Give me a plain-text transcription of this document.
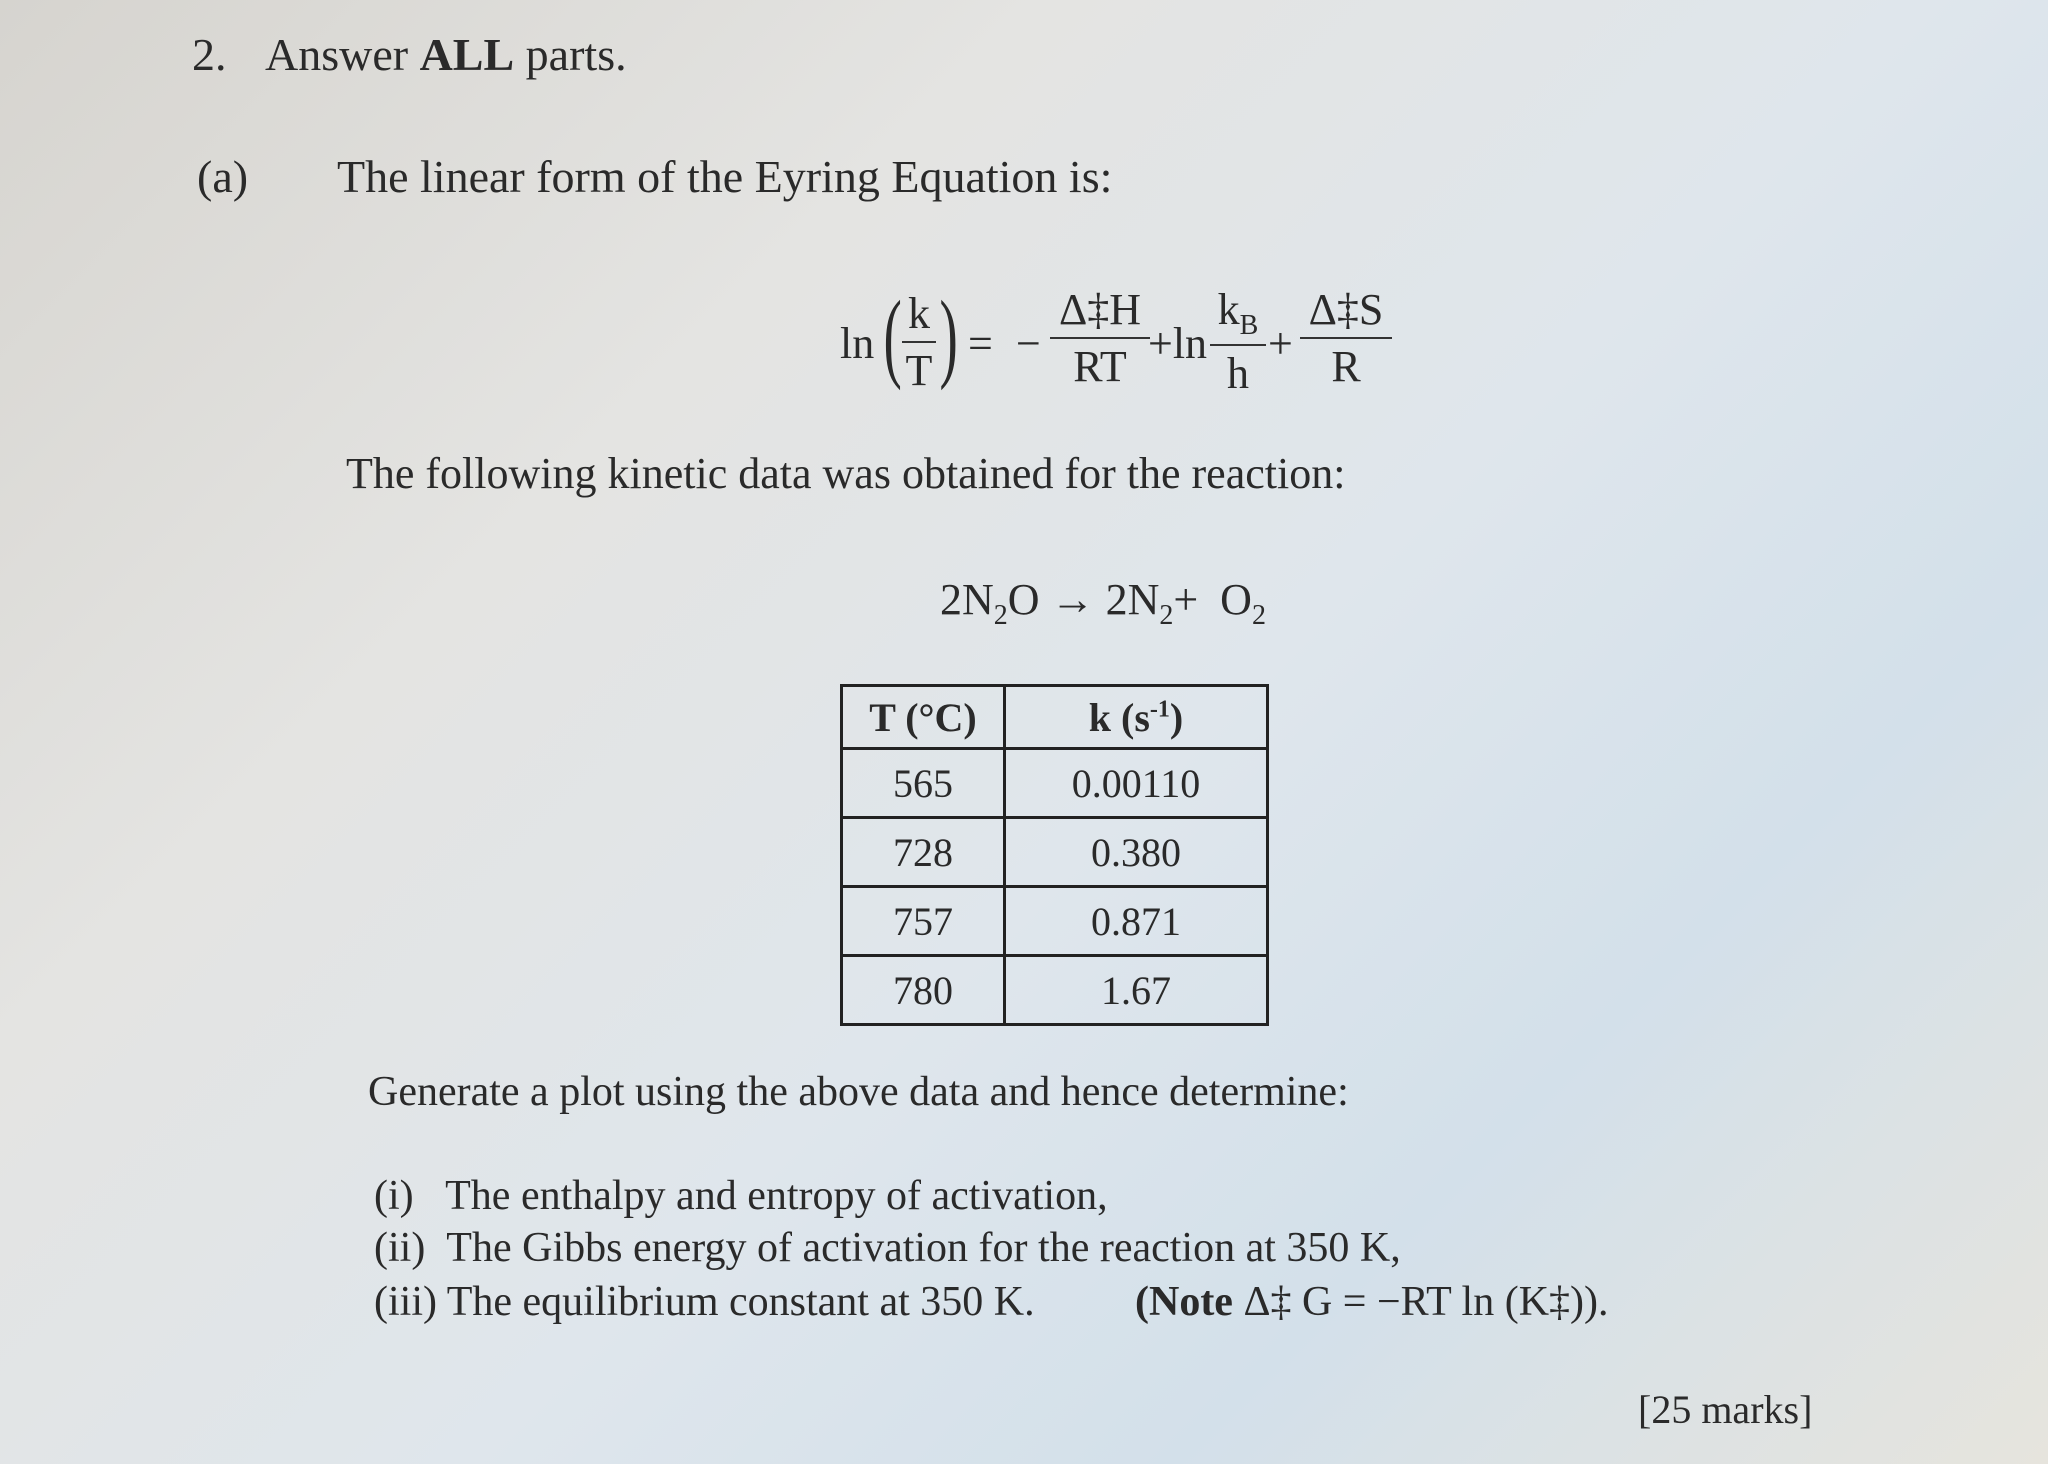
2. Answer ALL parts.
(a) The linear form of the Eyring Equation is:
ln ( k
T ) = −
Δ‡H
RT +ln
$k_B$
h
+
Δ‡S
R
The following kinetic data was obtained for the reaction:
$2N_2O \to 2N_2+ O_2$
T (°C)	k $(s^{-1})$
565	0.00110
728	0.380
757	0.871
780	1.67
Generate a plot using the above data and hence determine:
(i)   The enthalpy and entropy of activation,
(ii)  The Gibbs energy of activation for the reaction at 350 K,
(iii) The equilibrium constant at 350 K. (Note Δ‡ G = −RT ln (K‡)).
[25 marks]
